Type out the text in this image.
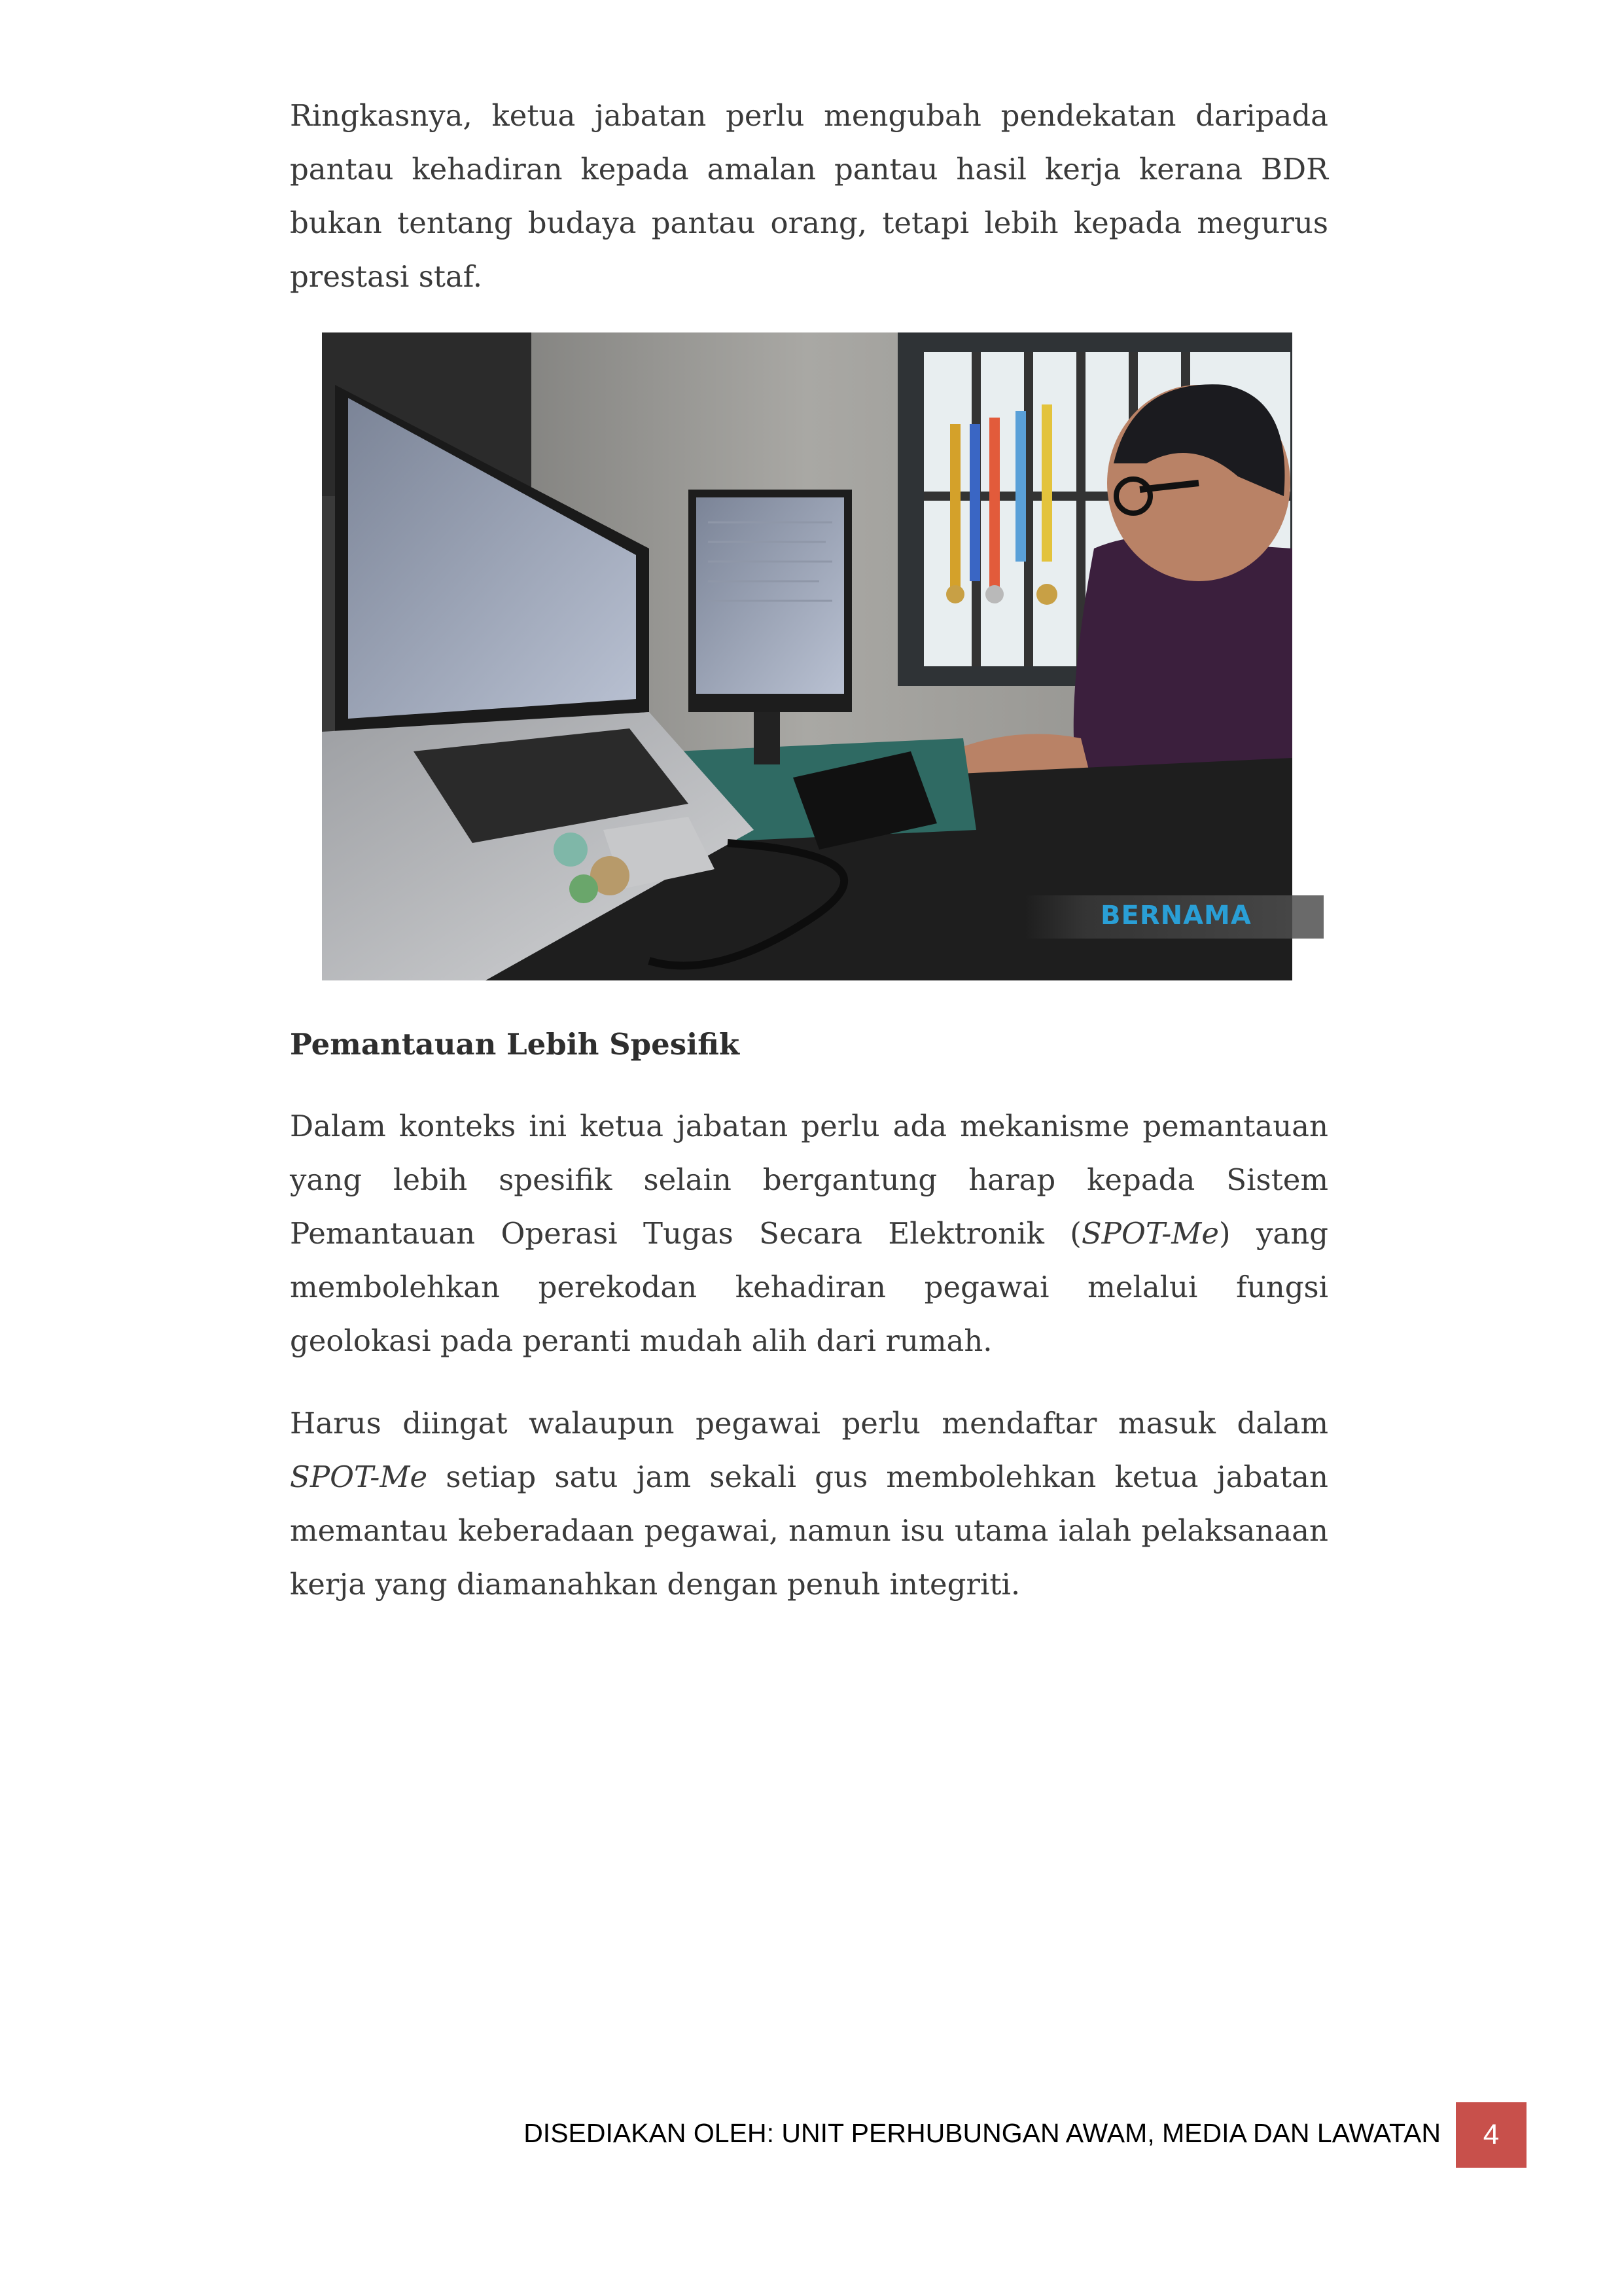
Ringkasnya, ketua jabatan perlu mengubah pendekatan daripada pantau kehadiran kepada amalan pantau hasil kerja kerana BDR bukan tentang budaya pantau orang, tetapi lebih kepada megurus prestasi staf.

BERNAMA
Pemantauan Lebih Spesifik

Dalam konteks ini ketua jabatan perlu ada mekanisme pemantauan yang lebih spesifik selain bergantung harap kepada Sistem Pemantauan Operasi Tugas Secara Elektronik (SPOT-Me) yang membolehkan perekodan kehadiran pegawai melalui fungsi geolokasi pada peranti mudah alih dari rumah.

Harus diingat walaupun pegawai perlu mendaftar masuk dalam SPOT-Me setiap satu jam sekali gus membolehkan ketua jabatan memantau keberadaan pegawai, namun isu utama ialah pelaksanaan kerja yang diamanahkan dengan penuh integriti.

DISEDIAKAN OLEH: UNIT PERHUBUNGAN AWAM, MEDIA DAN LAWATAN	4
